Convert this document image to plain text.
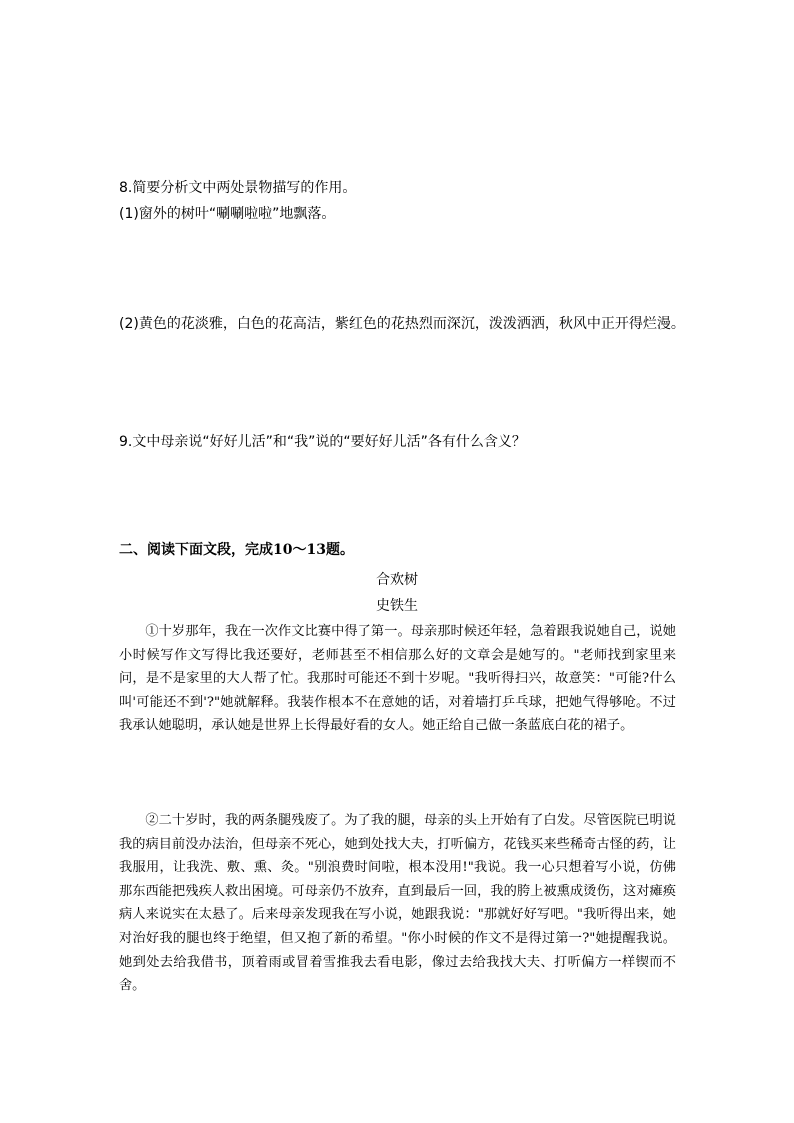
8.简要分析文中两处景物描写的作用。
(1)窗外的树叶“唰唰啦啦”地飘落。
(2)黄色的花淡雅，白色的花高洁，紫红色的花热烈而深沉，泼泼洒洒，秋风中正开得烂漫。
9.文中母亲说“好好儿活”和“我”说的“要好好儿活”各有什么含义？
二、阅读下面文段，完成10～13题。
合欢树
史铁生

①十岁那年，我在一次作文比赛中得了第一。母亲那时候还年轻，急着跟我说她自己，说她小时候写作文写得比我还要好，老师甚至不相信那么好的文章会是她写的。"老师找到家里来问，是不是家里的大人帮了忙。我那时可能还不到十岁呢。"我听得扫兴，故意笑："可能?什么叫'可能还不到'?"她就解释。我装作根本不在意她的话，对着墙打乒乓球，把她气得够呛。不过我承认她聪明，承认她是世界上长得最好看的女人。她正给自己做一条蓝底白花的裙子。

②二十岁时，我的两条腿残废了。为了我的腿，母亲的头上开始有了白发。尽管医院已明说我的病目前没办法治，但母亲不死心，她到处找大夫，打听偏方，花钱买来些稀奇古怪的药，让我服用，让我洗、敷、熏、灸。"别浪费时间啦，根本没用!"我说。我一心只想着写小说，仿佛那东西能把残疾人救出困境。可母亲仍不放弃，直到最后一回，我的胯上被熏成烫伤，这对瘫痪病人来说实在太悬了。后来母亲发现我在写小说，她跟我说："那就好好写吧。"我听得出来，她对治好我的腿也终于绝望，但又抱了新的希望。"你小时候的作文不是得过第一?"她提醒我说。她到处去给我借书，顶着雨或冒着雪推我去看电影，像过去给我找大夫、打听偏方一样锲而不舍。
